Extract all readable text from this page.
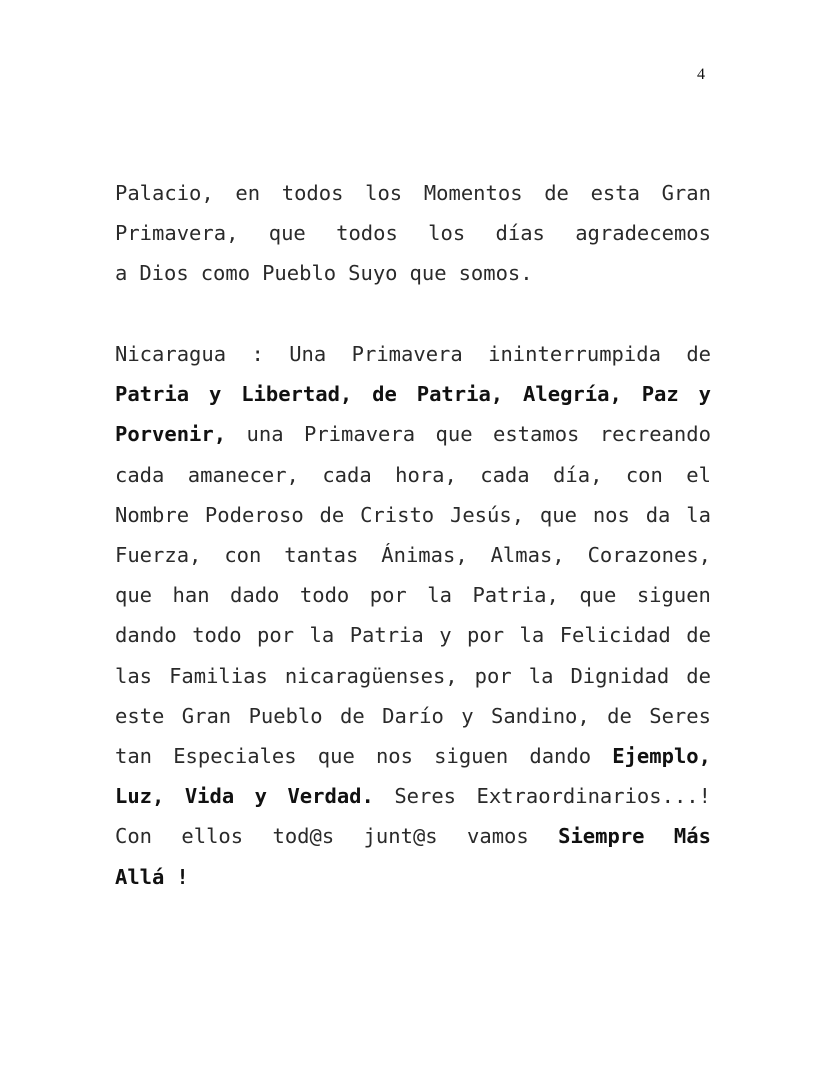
4
Palacio, en todos los Momentos de esta Gran
Primavera, que todos los días agradecemos
a Dios como Pueblo Suyo que somos.
Nicaragua : Una Primavera ininterrumpida de
Patria y Libertad, de Patria, Alegría, Paz y
Porvenir, una Primavera que estamos recreando
cada amanecer, cada hora, cada día, con el
Nombre Poderoso de Cristo Jesús, que nos da la
Fuerza, con tantas Ánimas, Almas, Corazones,
que han dado todo por la Patria, que siguen
dando todo por la Patria y por la Felicidad de
las Familias nicaragüenses, por la Dignidad de
este Gran Pueblo de Darío y Sandino, de Seres
tan Especiales que nos siguen dando Ejemplo,
Luz, Vida y Verdad. Seres Extraordinarios...!
Con ellos tod@s junt@s vamos Siempre Más
Allá !
